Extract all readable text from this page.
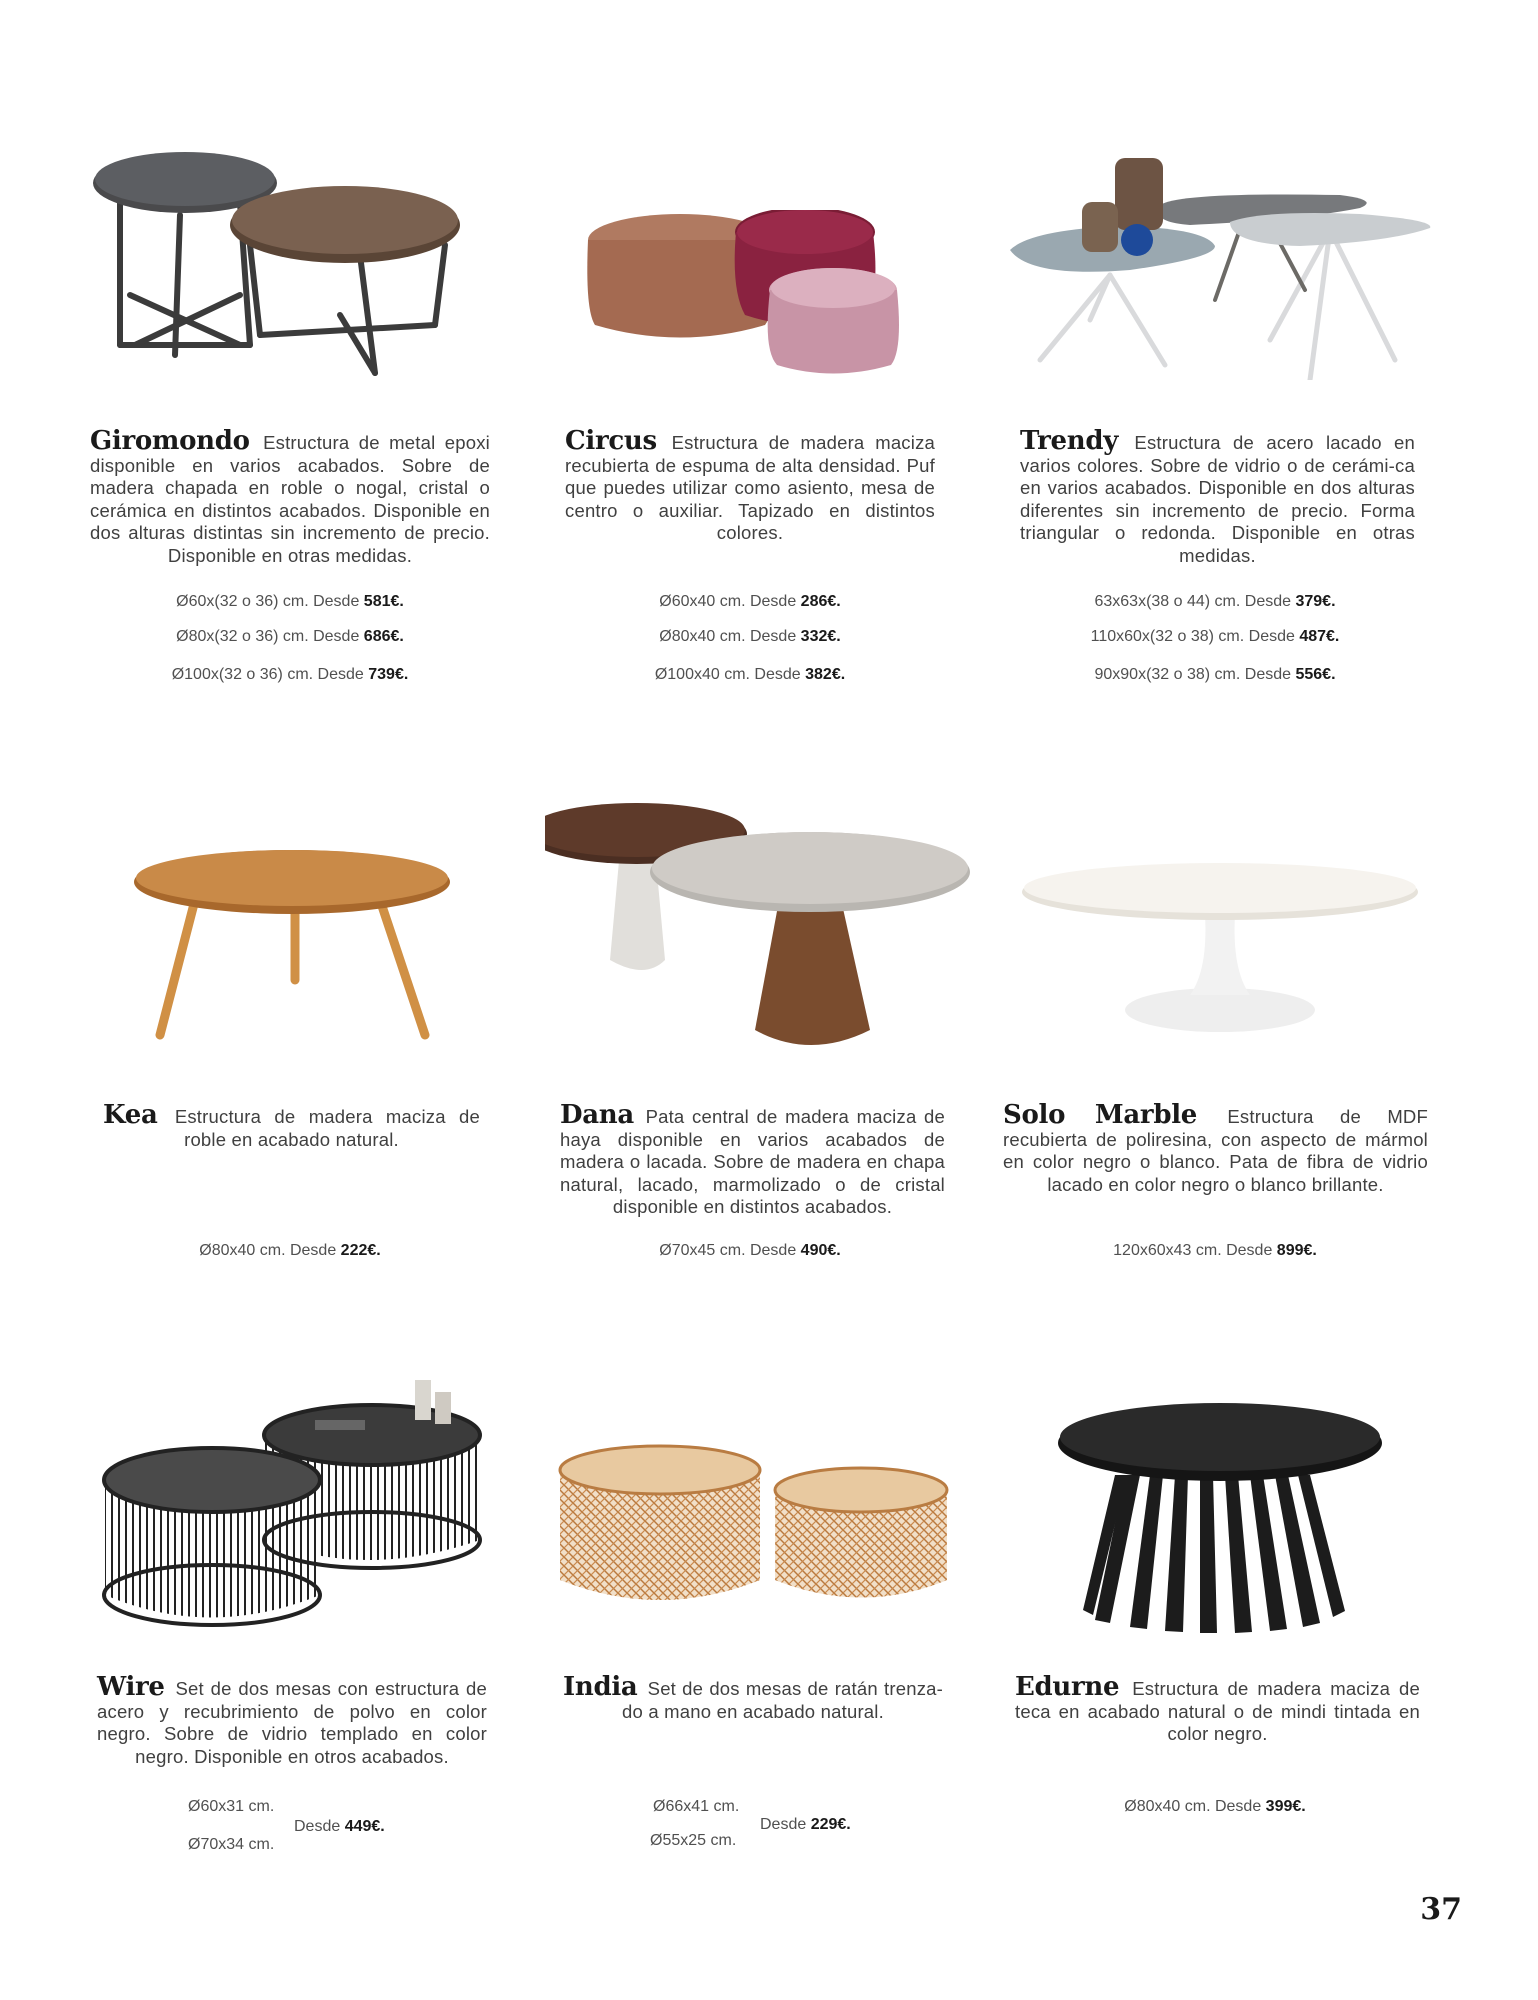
Giromondo Estructura de metal epoxi disponible en varios acabados. Sobre de madera chapada en roble o nogal, cristal o cerámica en distintos acabados. Disponible en dos alturas distintas sin incremento de precio. Disponible en otras medidas.
Ø60x(32 o 36) cm. Desde 581€.
Ø80x(32 o 36) cm. Desde 686€.
Ø100x(32 o 36) cm. Desde 739€.
Circus Estructura de madera maciza recubierta de espuma de alta densidad. Puf que puedes utilizar como asiento, mesa de centro o auxiliar. Tapizado en distintos colores.
Ø60x40 cm. Desde 286€.
Ø80x40 cm. Desde 332€.
Ø100x40 cm. Desde 382€.
Trendy Estructura de acero lacado en varios colores. Sobre de vidrio o de cerámi-ca en varios acabados. Disponible en dos alturas diferentes sin incremento de precio. Forma triangular o redonda. Disponible en otras medidas.
63x63x(38 o 44) cm. Desde 379€.
110x60x(32 o 38) cm. Desde 487€.
90x90x(32 o 38) cm. Desde 556€.
Kea Estructura de madera maciza de roble en acabado natural.
Ø80x40 cm. Desde 222€.
Dana Pata central de madera maciza de haya disponible en varios acabados de madera o lacada. Sobre de madera en chapa natural, lacado, marmolizado o de cristal disponible en distintos acabados.
Ø70x45 cm. Desde 490€.
Solo Marble Estructura de MDF recubierta de poliresina, con aspecto de mármol en color negro o blanco. Pata de fibra de vidrio lacado en color negro o blanco brillante.
120x60x43 cm. Desde 899€.
Wire Set de dos mesas con estructura de acero y recubrimiento de polvo en color negro. Sobre de vidrio templado en color negro. Disponible en otros acabados.
Ø60x31 cm.
Ø70x34 cm.
Desde 449€.
India Set de dos mesas de ratán trenza-do a mano en acabado natural.
Ø66x41 cm.
Ø55x25 cm.
Desde 229€.
Edurne Estructura de madera maciza de teca en acabado natural o de mindi tintada en color negro.
Ø80x40 cm. Desde 399€.
37
